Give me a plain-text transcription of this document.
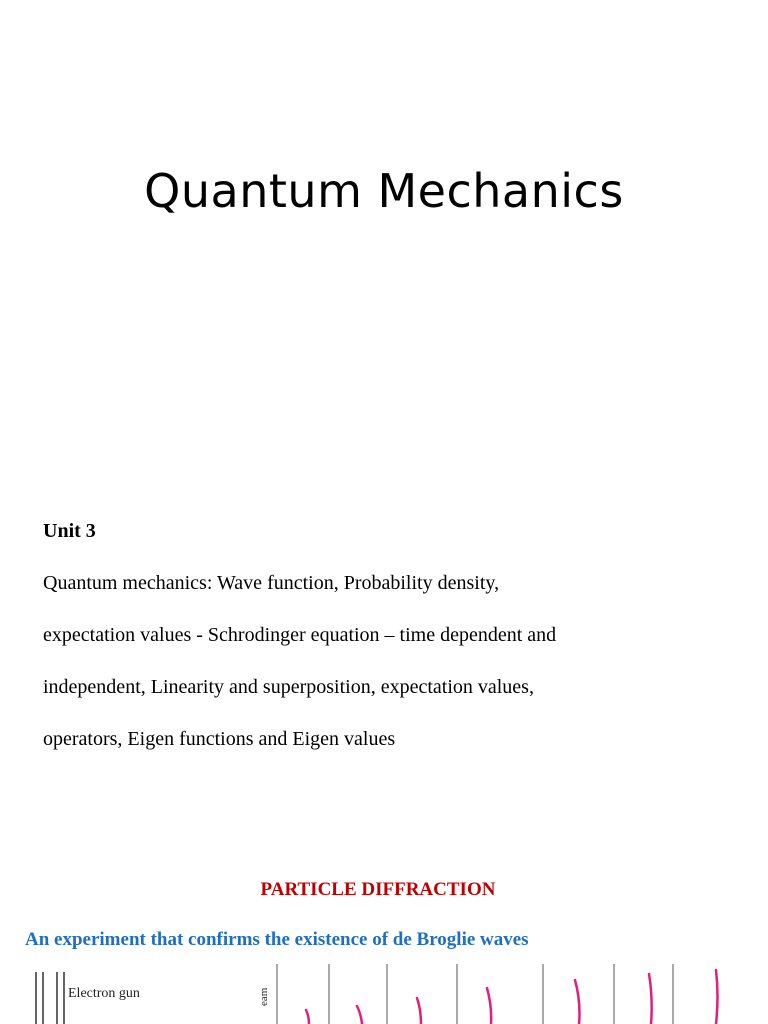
Quantum Mechanics
Unit 3
Quantum mechanics: Wave function, Probability density,
expectation values - Schrodinger equation – time dependent and
independent, Linearity and superposition, expectation values,
operators, Eigen functions and Eigen values
PARTICLE DIFFRACTION
An experiment that confirms the existence of de Broglie waves
Electron gun	eam
